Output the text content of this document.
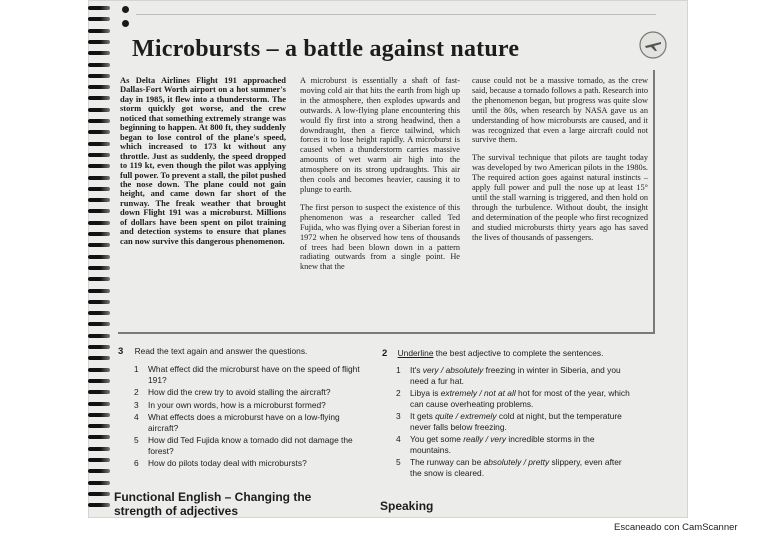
Microbursts – a battle against nature

As Delta Airlines Flight 191 approached Dallas-Fort Worth airport on a hot summer's day in 1985, it flew into a thunderstorm. The storm quickly got worse, and the crew noticed that something extremely strange was beginning to happen. At 800 ft, they suddenly began to lose control of the plane's speed, which increased to 173 kt without any throttle. Just as suddenly, the speed dropped to 119 kt, even though the pilot was applying full power. To prevent a stall, the pilot pushed the nose down. The plane could not gain height, and came down far short of the runway. The freak weather that brought down Flight 191 was a microburst. Millions of dollars have been spent on pilot training and detection systems to ensure that planes can now survive this dangerous phenomenon.

A microburst is essentially a shaft of fast-moving cold air that hits the earth from high up in the atmosphere, then explodes upwards and outwards. A low-flying plane encountering this would fly first into a strong headwind, then a downdraught, then a fierce tailwind, which forces it to lose height rapidly. A microburst is caused when a thunderstorm carries massive amounts of wet warm air high into the atmosphere on its strong updraughts. This air then cools and becomes heavier, causing it to plunge to earth.

The first person to suspect the existence of this phenomenon was a researcher called Ted Fujida, who was flying over a Siberian forest in 1972 when he observed how tens of thousands of trees had been blown down in a pattern radiating outwards from a single point. He knew that the

cause could not be a massive tornado, as the crew said, because a tornado follows a path. Research into the phenomenon began, but progress was quite slow until the 80s, when research by NASA gave us an understanding of how microbursts are caused, and it was recognized that even a large aircraft could not survive them.

The survival technique that pilots are taught today was developed by two American pilots in the 1980s. The required action goes against natural instincts – apply full power and pull the nose up at least 15° until the stall warning is triggered, and then hold on through the turbulence. Without doubt, the insight and determination of the people who first recognized and studied microbursts thirty years ago has saved the lives of thousands of passengers.

3 Read the text again and answer the questions.
1 What effect did the microburst have on the speed of flight 191?
2 How did the crew try to avoid stalling the aircraft?
3 In your own words, how is a microburst formed?
4 What effects does a microburst have on a low-flying aircraft?
5 How did Ted Fujida know a tornado did not damage the forest?
6 How do pilots today deal with microbursts?
2 Underline the best adjective to complete the sentences.
1 It's very / absolutely freezing in winter in Siberia, and you need a fur hat.
2 Libya is extremely / not at all hot for most of the year, which can cause overheating problems.
3 It gets quite / extremely cold at night, but the temperature never falls below freezing.
4 You get some really / very incredible storms in the mountains.
5 The runway can be absolutely / pretty slippery, even after the snow is cleared.
Functional English – Changing the strength of adjectives	Speaking
Escaneado con CamScanner
